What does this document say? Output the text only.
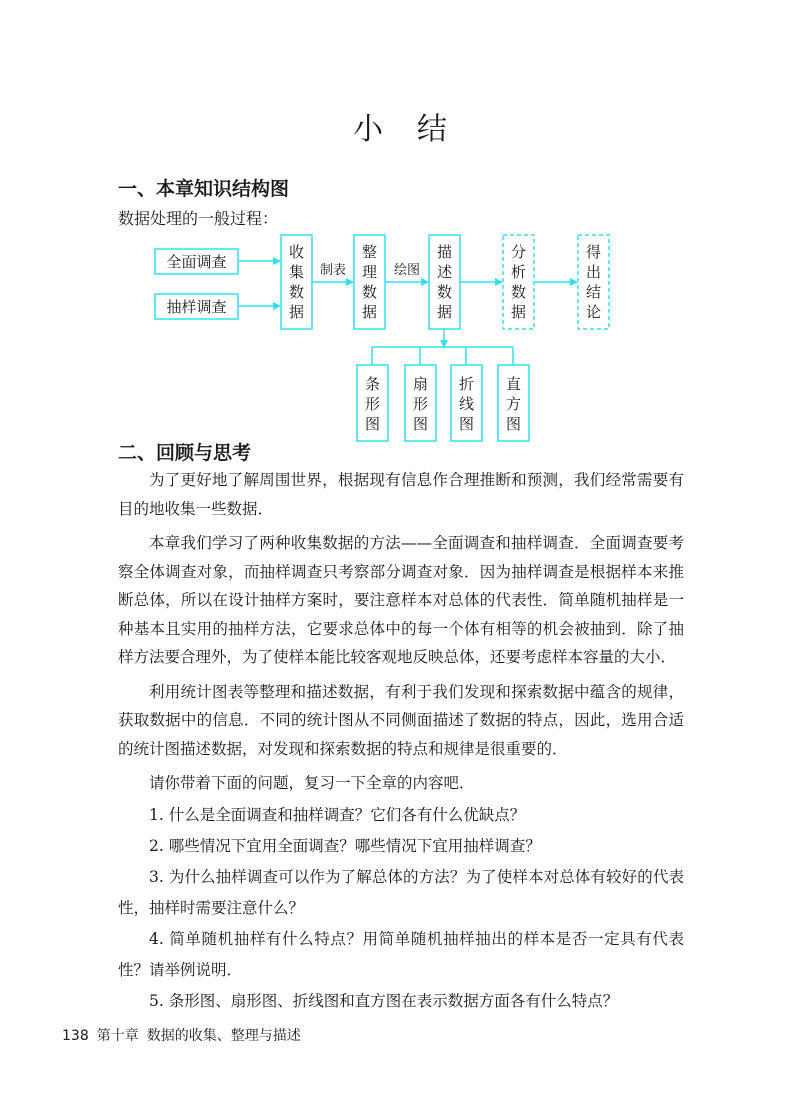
小结
一、本章知识结构图
数据处理的一般过程：
全面调查
抽样调查
收
集
数
据
整
理
数
据
描
述
数
据
分
析
数
据
得
出
结
论
制表	绘图
条
形
图
扇
形
图
折
线
图
直
方
图
二、回顾与思考

为了更好地了解周围世界，根据现有信息作合理推断和预测，我们经常需要有目的地收集一些数据．

本章我们学习了两种收集数据的方法——全面调查和抽样调查．全面调查要考察全体调查对象，而抽样调查只考察部分调查对象．因为抽样调查是根据样本来推断总体，所以在设计抽样方案时，要注意样本对总体的代表性．简单随机抽样是一种基本且实用的抽样方法，它要求总体中的每一个体有相等的机会被抽到．除了抽样方法要合理外，为了使样本能比较客观地反映总体，还要考虑样本容量的大小．

利用统计图表等整理和描述数据，有利于我们发现和探索数据中蕴含的规律，获取数据中的信息．不同的统计图从不同侧面描述了数据的特点，因此，选用合适的统计图描述数据，对发现和探索数据的特点和规律是很重要的．

请你带着下面的问题，复习一下全章的内容吧．

1. 什么是全面调查和抽样调查？它们各有什么优缺点？

2. 哪些情况下宜用全面调查？哪些情况下宜用抽样调查？

3. 为什么抽样调查可以作为了解总体的方法？为了使样本对总体有较好的代表性，抽样时需要注意什么？

4. 简单随机抽样有什么特点？用简单随机抽样抽出的样本是否一定具有代表性？请举例说明．

5. 条形图、扇形图、折线图和直方图在表示数据方面各有什么特点？

138 第十章 数据的收集、整理与描述
